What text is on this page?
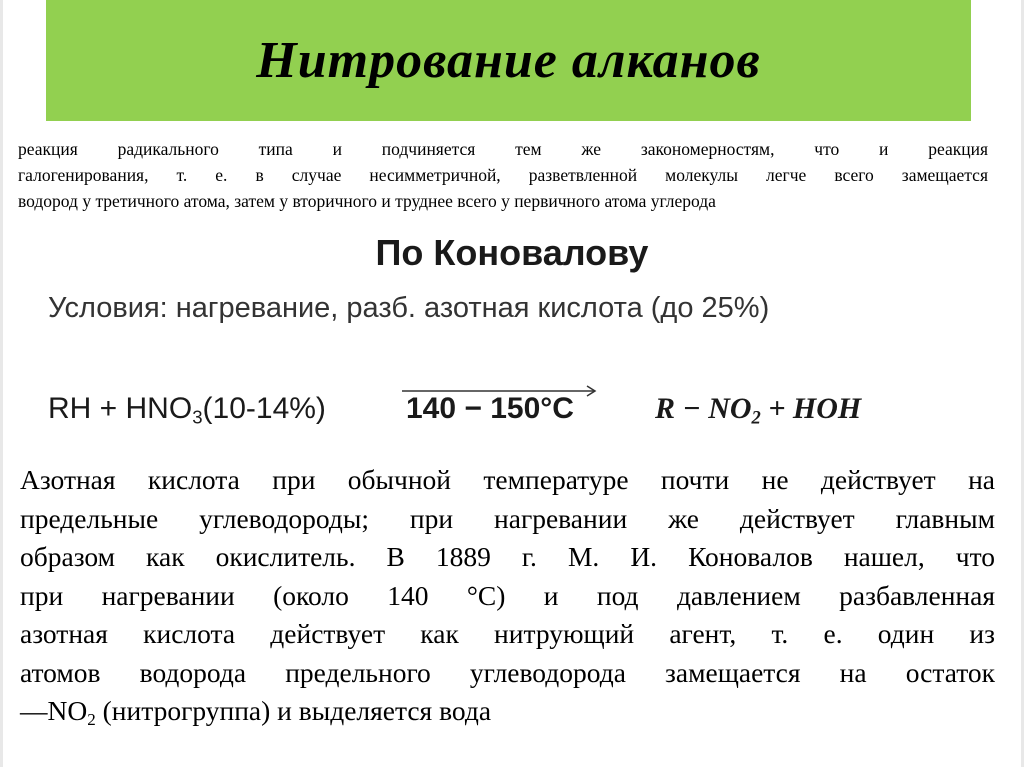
Нитрование алканов
реакция радикального типа и подчиняется тем же закономерностям, что и реакция
галогенирования, т. е. в случае несимметричной, разветвленной молекулы легче всего замещается
водород у третичного атома, затем у вторичного и труднее всего у первичного атома углерода
По Коновалову
Условия: нагревание, разб. азотная кислота (до 25%)
RH + $HNO_3(10-14\%)$	140 − 150°C	$R - NO_2$ + HOH
Азотная кислота при обычной температуре почти не действует на
предельные углеводороды; при нагревании же действует главным
образом как окислитель. В 1889 г. М. И. Коновалов нашел, что
при нагревании (около 140 °С) и под давлением разбавленная
азотная кислота действует как нитрующий агент, т. е. один из
атомов водорода предельного углеводорода замещается на остаток
$—NO_2$ (нитрогруппа) и выделяется вода
